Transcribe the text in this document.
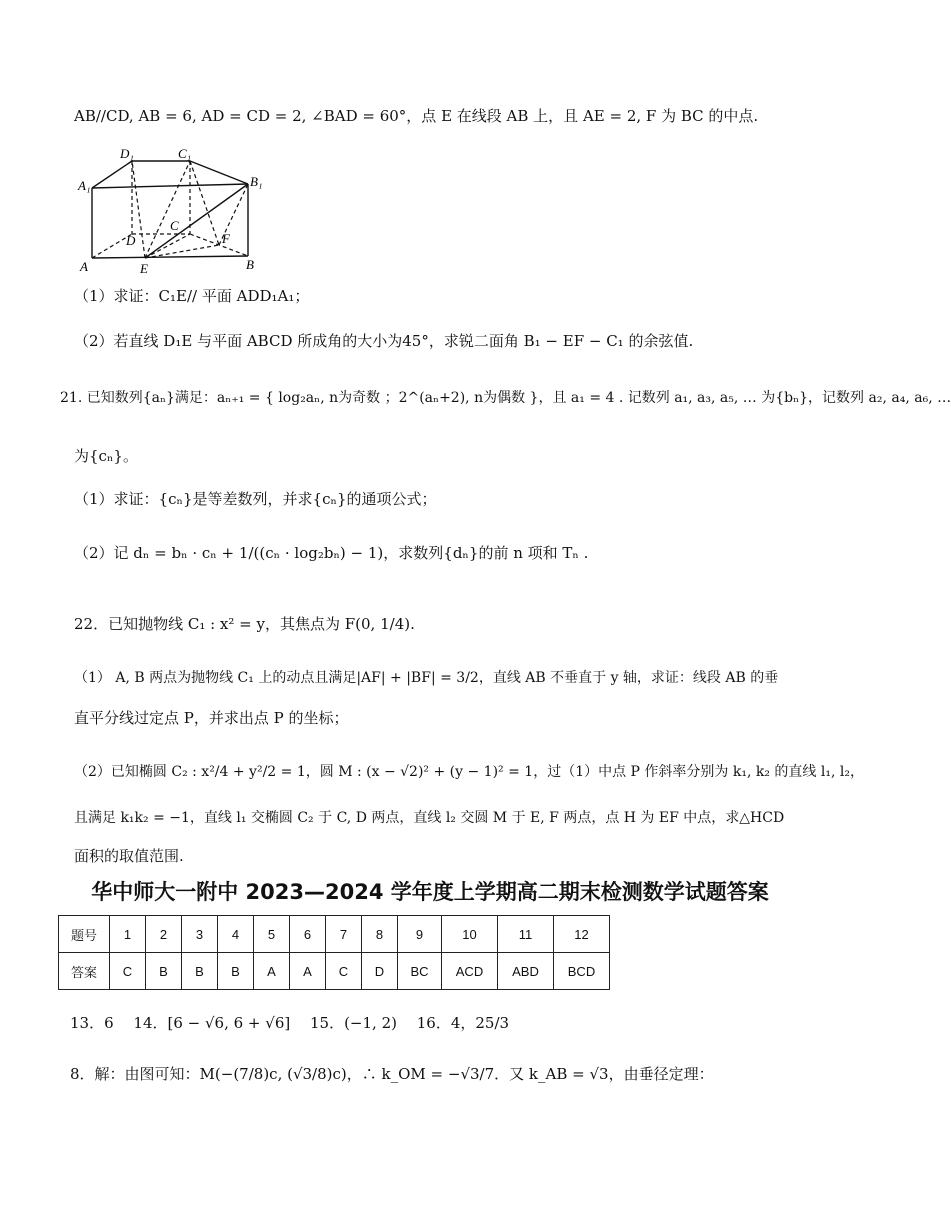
AB//CD, AB = 6, AD = CD = 2, ∠BAD = 60°，点 E 在线段 AB 上，且 AE = 2, F 为 BC 的中点.
D₁	C₁
A₁	B₁
C
D	F
A	E	B
（1）求证：C₁E// 平面 ADD₁A₁；
（2）若直线 D₁E 与平面 ABCD 所成角的大小为45°，求锐二面角 B₁ − EF − C₁ 的余弦值.
21. 已知数列{aₙ}满足：aₙ₊₁ = { log₂aₙ, n为奇数 ；2^(aₙ+2), n为偶数 }，且 a₁ = 4 . 记数列 a₁, a₃, a₅, … 为{bₙ}，记数列 a₂, a₄, a₆, …
为{cₙ}。
（1）求证：{cₙ}是等差数列，并求{cₙ}的通项公式；
（2）记 dₙ = bₙ · cₙ + 1/((cₙ · log₂bₙ) − 1)，求数列{dₙ}的前 n 项和 Tₙ .
22．已知抛物线 C₁ : x² = y，其焦点为 F(0, 1/4).
（1） A, B 两点为抛物线 C₁ 上的动点且满足|AF| + |BF| = 3/2，直线 AB 不垂直于 y 轴，求证：线段 AB 的垂
直平分线过定点 P，并求出点 P 的坐标；
（2）已知椭圆 C₂ : x²/4 + y²/2 = 1，圆 M : (x − √2)² + (y − 1)² = 1，过（1）中点 P 作斜率分别为 k₁, k₂ 的直线 l₁, l₂，
且满足 k₁k₂ = −1，直线 l₁ 交椭圆 C₂ 于 C, D 两点，直线 l₂ 交圆 M 于 E, F 两点，点 H 为 EF 中点，求△HCD
面积的取值范围.
华中师大一附中 2023—2024 学年度上学期高二期末检测数学试题答案
题号	1	2	3	4	5	6	7	8	9	10	11	12
答案	C	B	B	B	A	A	C	D	BC	ACD	ABD	BCD
13．6　 14．[6 − √6, 6 + √6]　 15．(−1, 2)　 16．4，25/3
8．解：由图可知：M(−(7/8)c, (√3/8)c)，∴ k_OM = −√3/7．又 k_AB = √3，由垂径定理：
